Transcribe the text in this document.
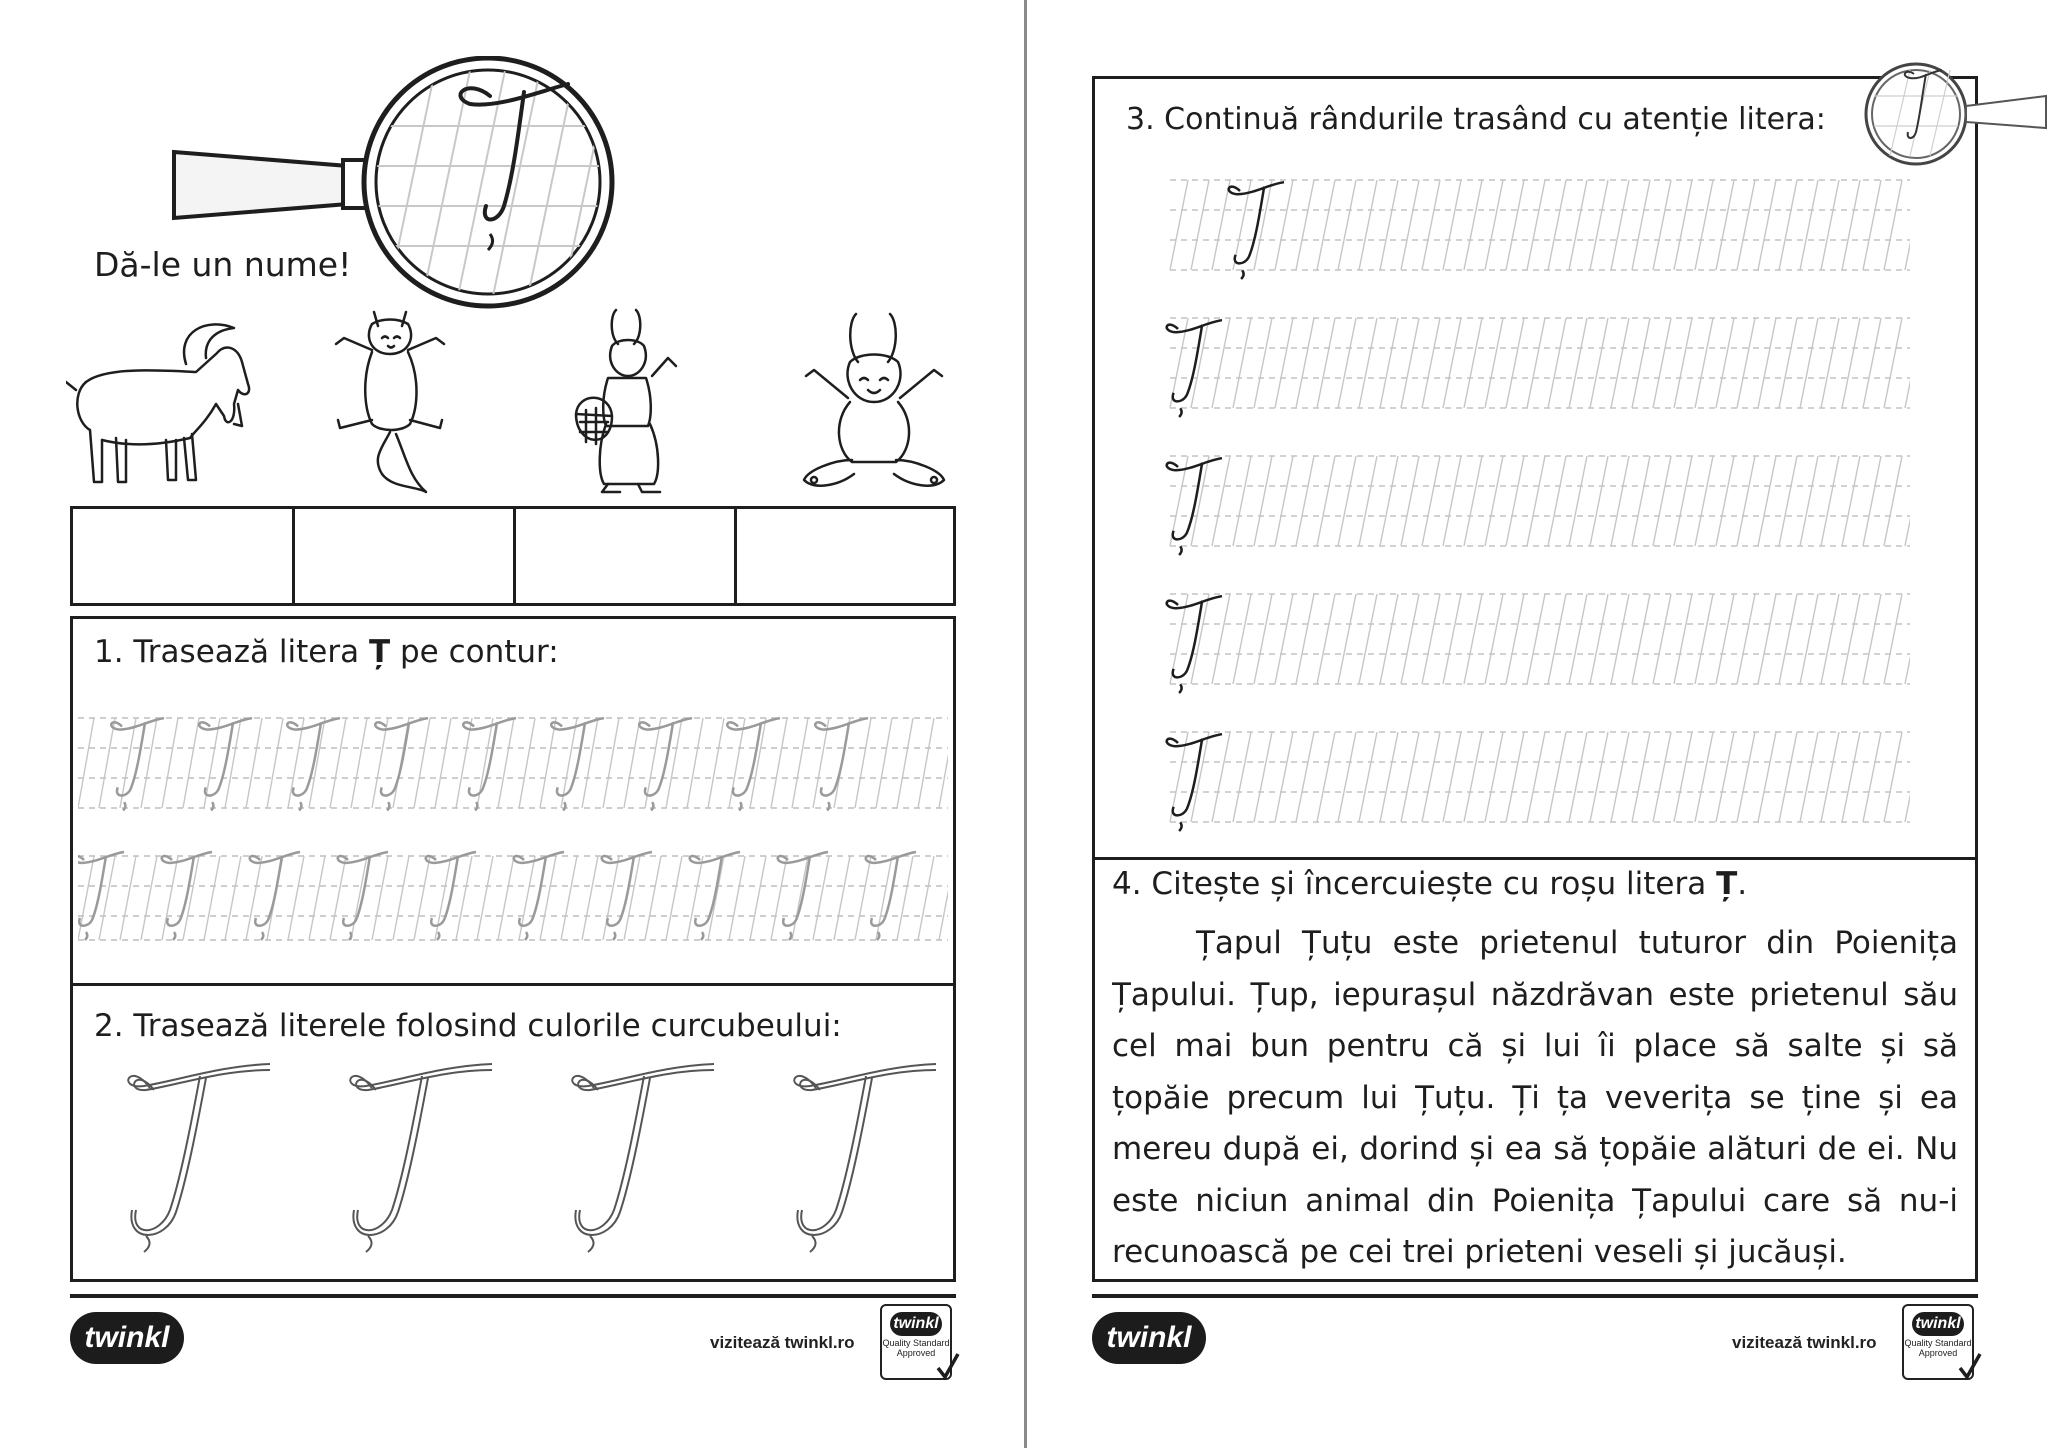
Dă-le un nume!
1. Trasează litera Ț pe contur:
2. Trasează literele folosind culorile curcubeului:
twinkl	vizitează twinkl.ro
twinkl
Quality Standard
Approved
3. Continuă rândurile trasând cu atenție litera:
4. Citește și încercuiește cu roșu litera Ț.
Țapul Țuțu este prietenul tuturor din Poienița
Țapului. Țup, iepurașul năzdrăvan este prietenul său
cel mai bun pentru că și lui îi place să salte și să
țopăie precum lui Țuțu. Ți ța veverița se ține și ea
mereu după ei, dorind și ea să țopăie alături de ei. Nu
este niciun animal din Poienița Țapului care să nu-i
recunoască pe cei trei prieteni veseli și jucăuși.
twinkl	vizitează twinkl.ro
twinkl
Quality Standard
Approved
